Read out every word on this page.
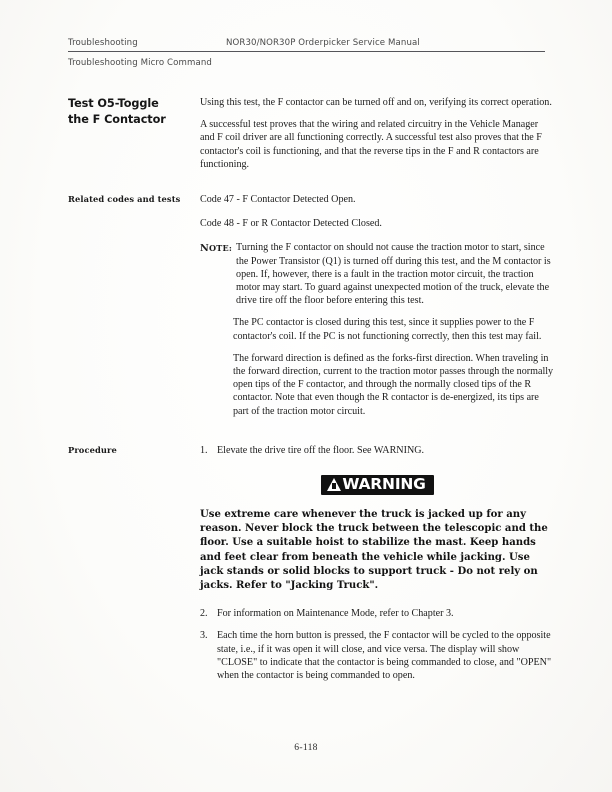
Troubleshooting	NOR30/NOR30P Orderpicker Service Manual
Troubleshooting Micro Command
Test O5-Toggle
the F Contactor

Using this test, the F contactor can be turned off and on, verifying its correct operation.

A successful test proves that the wiring and related circuitry in the Vehicle Manager and F coil driver are all functioning correctly. A successful test also proves that the F contactor's coil is functioning, and that the reverse tips in the F and R contactors are functioning.

Related codes and tests	Code 47 - F Contactor Detected Open.

Code 48 - F or R Contactor Detected Closed.

NOTE: Turning the F contactor on should not cause the traction motor to start, since the Power Transistor (Q1) is turned off during this test, and the M contactor is open. If, however, there is a fault in the traction motor circuit, the traction motor may start. To guard against unexpected motion of the truck, elevate the drive tire off the floor before entering this test.

The PC contactor is closed during this test, since it supplies power to the F contactor's coil. If the PC is not functioning correctly, then this test may fail.

The forward direction is defined as the forks-first direction. When traveling in the forward direction, current to the traction motor passes through the normally open tips of the F contactor, and through the normally closed tips of the R contactor. Note that even though the R contactor is de-energized, its tips are part of the traction motor circuit.

Procedure	1. Elevate the drive tire off the floor. See WARNING.
WARNING

Use extreme care whenever the truck is jacked up for any reason. Never block the truck between the telescopic and the floor. Use a suitable hoist to stabilize the mast. Keep hands and feet clear from beneath the vehicle while jacking. Use jack stands or solid blocks to support truck - Do not rely on jacks. Refer to "Jacking Truck".

2. For information on Maintenance Mode, refer to Chapter 3.
3. Each time the horn button is pressed, the F contactor will be cycled to the opposite state, i.e., if it was open it will close, and vice versa. The display will show "CLOSE" to indicate that the contactor is being commanded to close, and "OPEN" when the contactor is being commanded to open.
6-118
